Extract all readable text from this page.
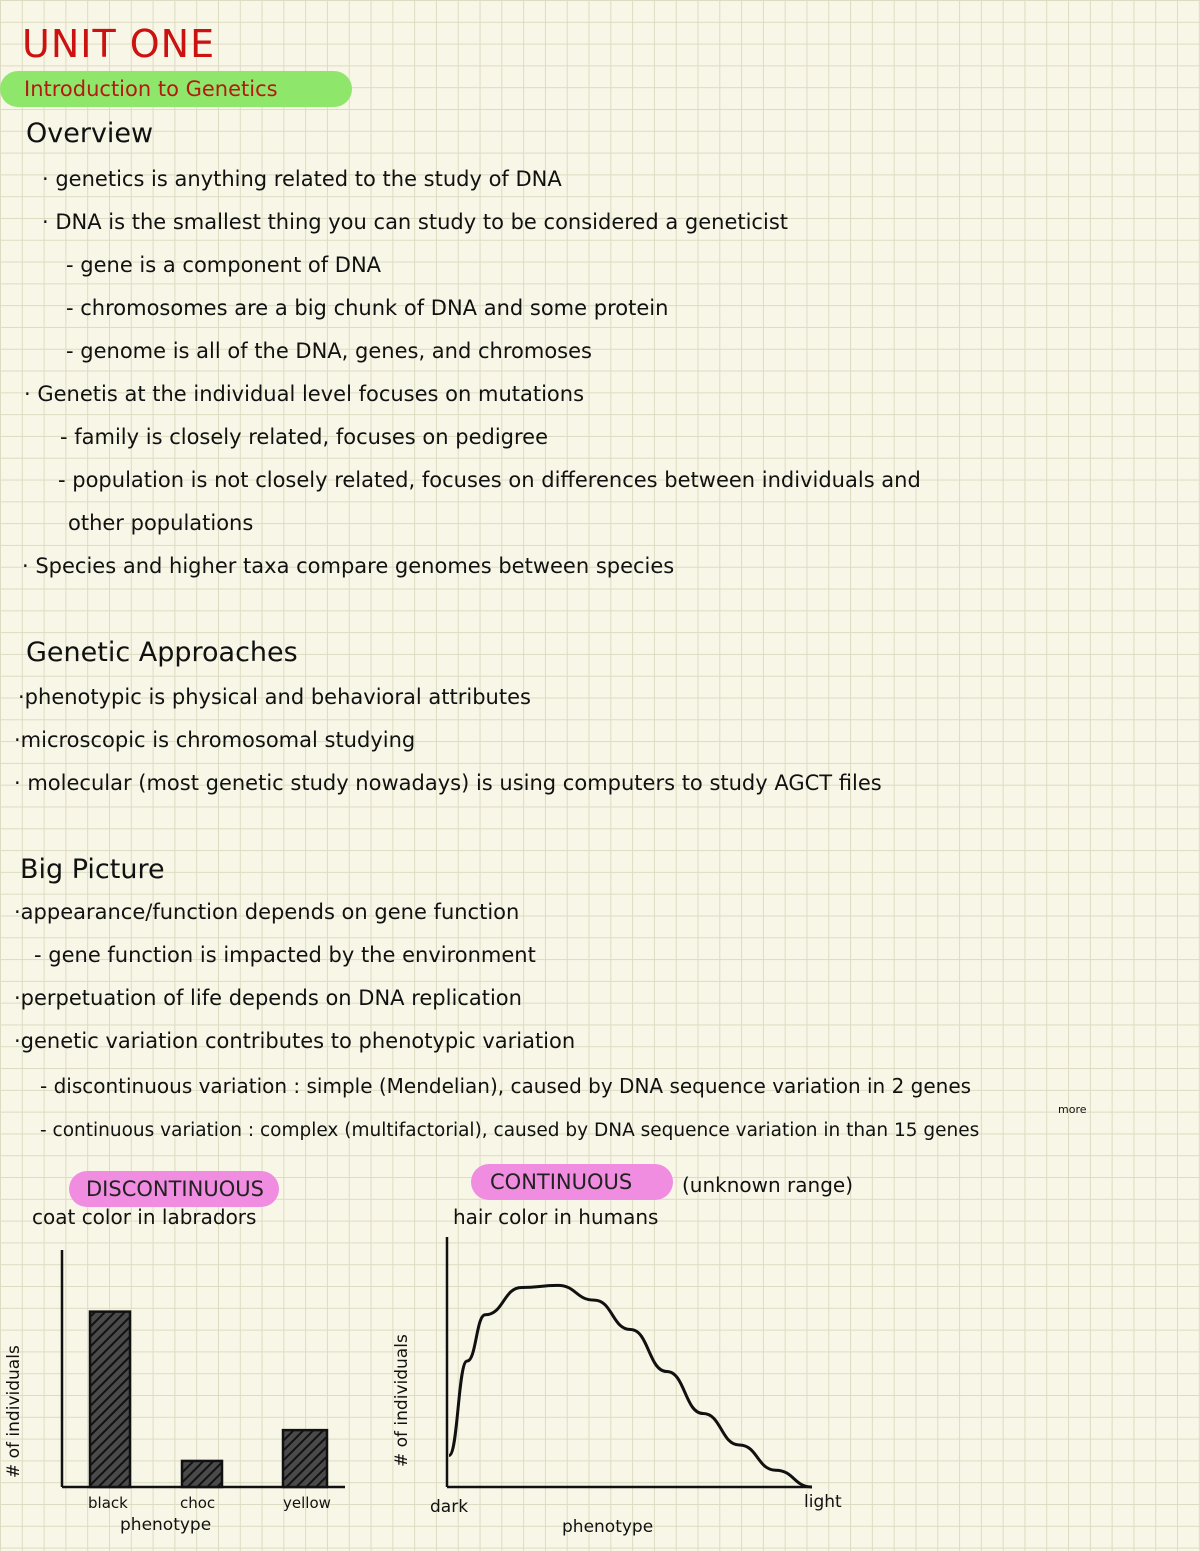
UNIT ONE
Introduction to Genetics
Overview
· genetics is anything related to the study of DNA
· DNA is the smallest thing you can study to be considered a geneticist
- gene is a component of DNA
- chromosomes are a big chunk of DNA and some protein
- genome is all of the DNA, genes, and chromoses
· Genetis at the individual level focuses on mutations
- family is closely related, focuses on pedigree
- population is not closely related, focuses on differences between individuals and
other populations
· Species and higher taxa compare genomes between species
Genetic Approaches
·phenotypic is physical and behavioral attributes
·microscopic is chromosomal studying
· molecular (most genetic study nowadays) is using computers to study AGCT files
Big Picture
·appearance/function depends on gene function
- gene function is impacted by the environment
·perpetuation of life depends on DNA replication
·genetic variation contributes to phenotypic variation
- discontinuous variation : simple (Mendelian), caused by DNA sequence variation in 2 genes
more
- continuous variation : complex (multifactorial), caused by DNA sequence variation in than 15 genes
DISCONTINUOUS
coat color in labradors
CONTINUOUS (unknown range)
hair color in humans
# of individuals
phenotype
# of individuals
phenotype
dark	light
black	choc	yellow
